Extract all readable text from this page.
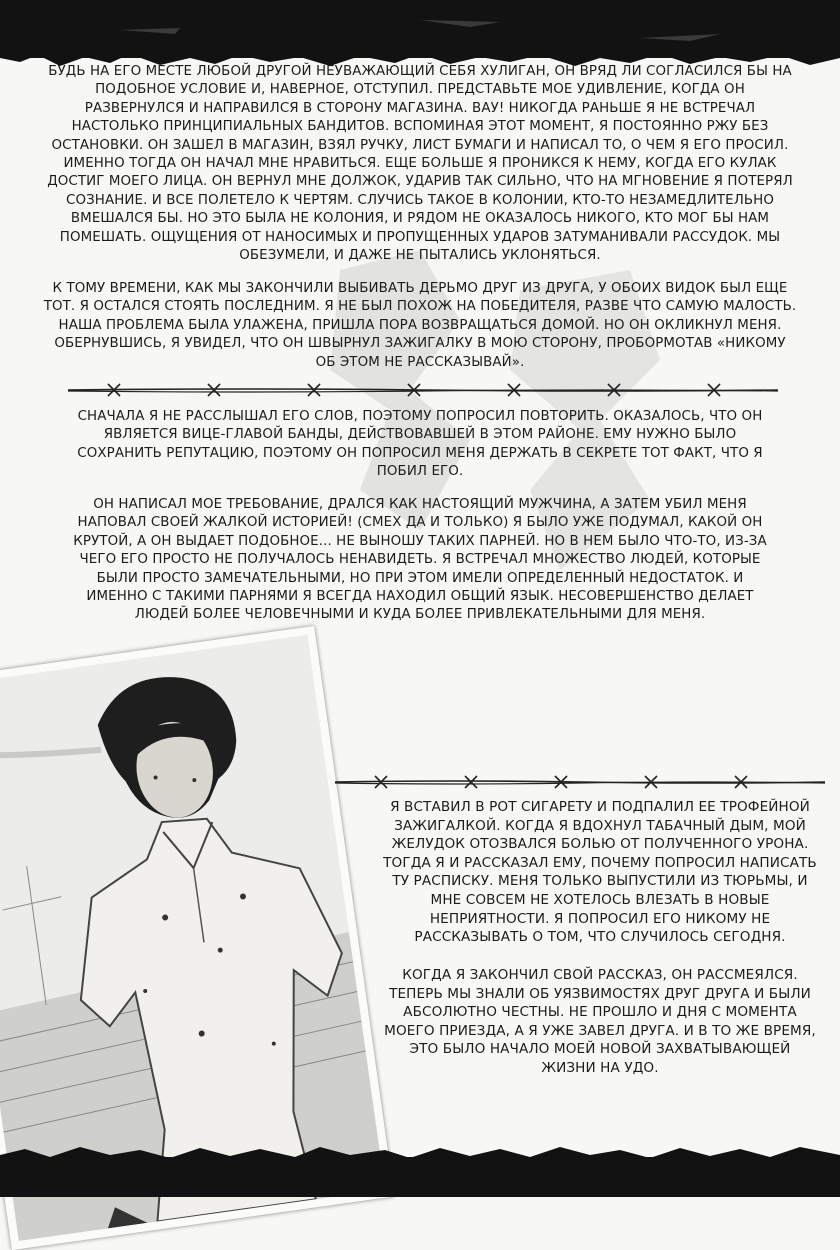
БУДЬ НА ЕГО МЕСТЕ ЛЮБОЙ ДРУГОЙ НЕУВАЖАЮЩИЙ СЕБЯ ХУЛИГАН, ОН ВРЯД ЛИ СОГЛАСИЛСЯ БЫ НА
ПОДОБНОЕ УСЛОВИЕ И, НАВЕРНОЕ, ОТСТУПИЛ. ПРЕДСТАВЬТЕ МОЕ УДИВЛЕНИЕ, КОГДА ОН
РАЗВЕРНУЛСЯ И НАПРАВИЛСЯ В СТОРОНУ МАГАЗИНА. ВАУ! НИКОГДА РАНЬШЕ Я НЕ ВСТРЕЧАЛ
НАСТОЛЬКО ПРИНЦИПИАЛЬНЫХ БАНДИТОВ. ВСПОМИНАЯ ЭТОТ МОМЕНТ, Я ПОСТОЯННО РЖУ БЕЗ
ОСТАНОВКИ. ОН ЗАШЕЛ В МАГАЗИН, ВЗЯЛ РУЧКУ, ЛИСТ БУМАГИ И НАПИСАЛ ТО, О ЧЕМ Я ЕГО ПРОСИЛ.
ИМЕННО ТОГДА ОН НАЧАЛ МНЕ НРАВИТЬСЯ. ЕЩЕ БОЛЬШЕ Я ПРОНИКСЯ К НЕМУ, КОГДА ЕГО КУЛАК
ДОСТИГ МОЕГО ЛИЦА. ОН ВЕРНУЛ МНЕ ДОЛЖОК, УДАРИВ ТАК СИЛЬНО, ЧТО НА МГНОВЕНИЕ Я ПОТЕРЯЛ
СОЗНАНИЕ. И ВСЕ ПОЛЕТЕЛО К ЧЕРТЯМ. СЛУЧИСЬ ТАКОЕ В КОЛОНИИ, КТО-ТО НЕЗАМЕДЛИТЕЛЬНО
ВМЕШАЛСЯ БЫ. НО ЭТО БЫЛА НЕ КОЛОНИЯ, И РЯДОМ НЕ ОКАЗАЛОСЬ НИКОГО, КТО МОГ БЫ НАМ
ПОМЕШАТЬ. ОЩУЩЕНИЯ ОТ НАНОСИМЫХ И ПРОПУЩЕННЫХ УДАРОВ ЗАТУМАНИВАЛИ РАССУДОК. МЫ
ОБЕЗУМЕЛИ, И ДАЖЕ НЕ ПЫТАЛИСЬ УКЛОНЯТЬСЯ.

К ТОМУ ВРЕМЕНИ, КАК МЫ ЗАКОНЧИЛИ ВЫБИВАТЬ ДЕРЬМО ДРУГ ИЗ ДРУГА, У ОБОИХ ВИДОК БЫЛ ЕЩЕ
ТОТ. Я ОСТАЛСЯ СТОЯТЬ ПОСЛЕДНИМ. Я НЕ БЫЛ ПОХОЖ НА ПОБЕДИТЕЛЯ, РАЗВЕ ЧТО САМУЮ МАЛОСТЬ.
НАША ПРОБЛЕМА БЫЛА УЛАЖЕНА, ПРИШЛА ПОРА ВОЗВРАЩАТЬСЯ ДОМОЙ. НО ОН ОКЛИКНУЛ МЕНЯ.
ОБЕРНУВШИСЬ, Я УВИДЕЛ, ЧТО ОН ШВЫРНУЛ ЗАЖИГАЛКУ В МОЮ СТОРОНУ, ПРОБОРМОТАВ «НИКОМУ
ОБ ЭТОМ НЕ РАССКАЗЫВАЙ».

СНАЧАЛА Я НЕ РАССЛЫШАЛ ЕГО СЛОВ, ПОЭТОМУ ПОПРОСИЛ ПОВТОРИТЬ. ОКАЗАЛОСЬ, ЧТО ОН
ЯВЛЯЕТСЯ ВИЦЕ-ГЛАВОЙ БАНДЫ, ДЕЙСТВОВАВШЕЙ В ЭТОМ РАЙОНЕ. ЕМУ НУЖНО БЫЛО
СОХРАНИТЬ РЕПУТАЦИЮ, ПОЭТОМУ ОН ПОПРОСИЛ МЕНЯ ДЕРЖАТЬ В СЕКРЕТЕ ТОТ ФАКТ, ЧТО Я
ПОБИЛ ЕГО.

ОН НАПИСАЛ МОЕ ТРЕБОВАНИЕ, ДРАЛСЯ КАК НАСТОЯЩИЙ МУЖЧИНА, А ЗАТЕМ УБИЛ МЕНЯ
НАПОВАЛ СВОЕЙ ЖАЛКОЙ ИСТОРИЕЙ! (СМЕХ ДА И ТОЛЬКО) Я БЫЛО УЖЕ ПОДУМАЛ, КАКОЙ ОН
КРУТОЙ, А ОН ВЫДАЕТ ПОДОБНОЕ... НЕ ВЫНОШУ ТАКИХ ПАРНЕЙ. НО В НЕМ БЫЛО ЧТО-ТО, ИЗ-ЗА
ЧЕГО ЕГО ПРОСТО НЕ ПОЛУЧАЛОСЬ НЕНАВИДЕТЬ. Я ВСТРЕЧАЛ МНОЖЕСТВО ЛЮДЕЙ, КОТОРЫЕ
БЫЛИ ПРОСТО ЗАМЕЧАТЕЛЬНЫМИ, НО ПРИ ЭТОМ ИМЕЛИ ОПРЕДЕЛЕННЫЙ НЕДОСТАТОК. И
ИМЕННО С ТАКИМИ ПАРНЯМИ Я ВСЕГДА НАХОДИЛ ОБЩИЙ ЯЗЫК. НЕСОВЕРШЕНСТВО ДЕЛАЕТ
ЛЮДЕЙ БОЛЕЕ ЧЕЛОВЕЧНЫМИ И КУДА БОЛЕЕ ПРИВЛЕКАТЕЛЬНЫМИ ДЛЯ МЕНЯ.

Я ВСТАВИЛ В РОТ СИГАРЕТУ И ПОДПАЛИЛ ЕЕ ТРОФЕЙНОЙ
ЗАЖИГАЛКОЙ. КОГДА Я ВДОХНУЛ ТАБАЧНЫЙ ДЫМ, МОЙ
ЖЕЛУДОК ОТОЗВАЛСЯ БОЛЬЮ ОТ ПОЛУЧЕННОГО УРОНА.
ТОГДА Я И РАССКАЗАЛ ЕМУ, ПОЧЕМУ ПОПРОСИЛ НАПИСАТЬ
ТУ РАСПИСКУ. МЕНЯ ТОЛЬКО ВЫПУСТИЛИ ИЗ ТЮРЬМЫ, И
МНЕ СОВСЕМ НЕ ХОТЕЛОСЬ ВЛЕЗАТЬ В НОВЫЕ
НЕПРИЯТНОСТИ. Я ПОПРОСИЛ ЕГО НИКОМУ НЕ
РАССКАЗЫВАТЬ О ТОМ, ЧТО СЛУЧИЛОСЬ СЕГОДНЯ.

КОГДА Я ЗАКОНЧИЛ СВОЙ РАССКАЗ, ОН РАССМЕЯЛСЯ.
ТЕПЕРЬ МЫ ЗНАЛИ ОБ УЯЗВИМОСТЯХ ДРУГ ДРУГА И БЫЛИ
АБСОЛЮТНО ЧЕСТНЫ. НЕ ПРОШЛО И ДНЯ С МОМЕНТА
МОЕГО ПРИЕЗДА, А Я УЖЕ ЗАВЕЛ ДРУГА. И В ТО ЖЕ ВРЕМЯ,
ЭТО БЫЛО НАЧАЛО МОЕЙ НОВОЙ ЗАХВАТЫВАЮЩЕЙ
ЖИЗНИ НА УДО.
